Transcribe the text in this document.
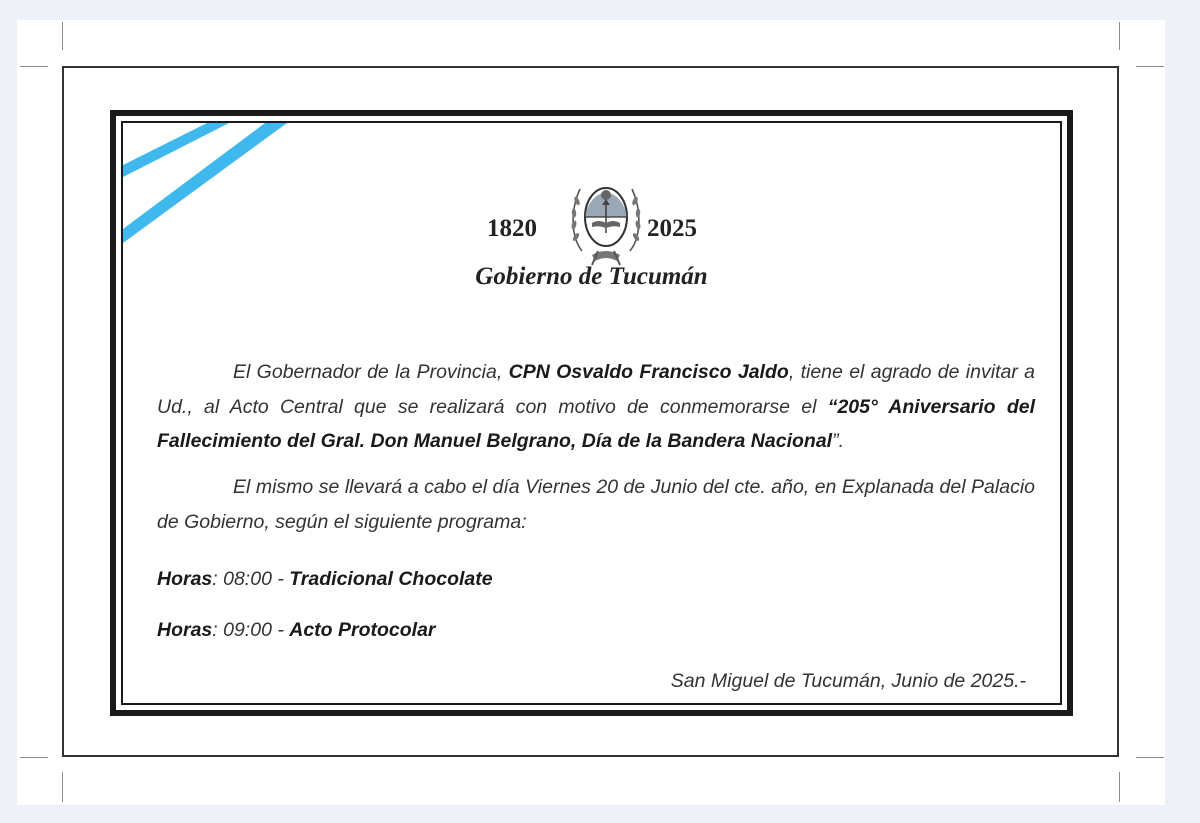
1820	2025
Gobierno de Tucumán

El Gobernador de la Provincia, CPN Osvaldo Francisco Jaldo, tiene el agrado de invitar a Ud., al Acto Central que se realizará con motivo de conmemorarse el “205° Aniversario del Fallecimiento del Gral. Don Manuel Belgrano, Día de la Bandera Nacional”.

El mismo se llevará a cabo el día Viernes 20 de Junio del cte. año, en Explanada del Palacio de Gobierno, según el siguiente programa:

Horas: 08:00 - Tradicional Chocolate
Horas: 09:00 - Acto Protocolar
San Miguel de Tucumán, Junio de 2025.-
